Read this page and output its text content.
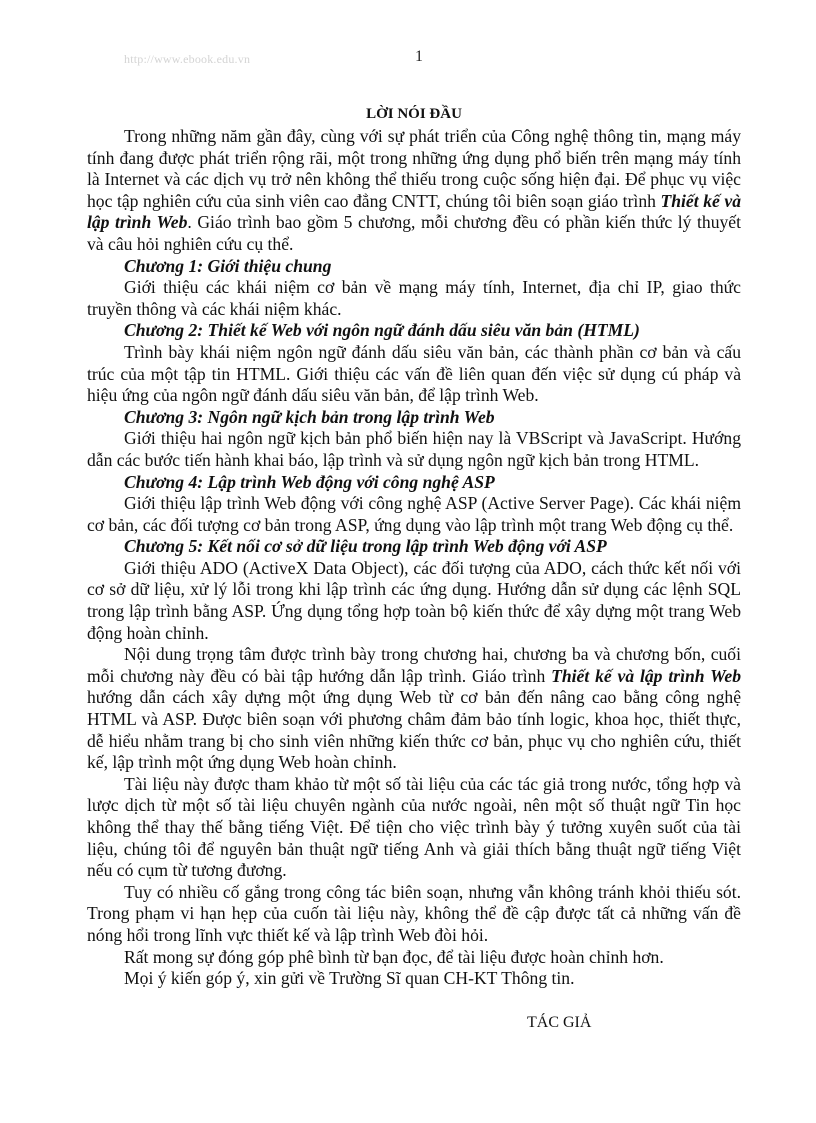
http://www.ebook.edu.vn	1
LỜI NÓI ĐẦU

Trong những năm gần đây, cùng với sự phát triển của Công nghệ thông tin, mạng máy tính đang được phát triển rộng rãi, một trong những ứng dụng phổ biến trên mạng máy tính là Internet và các dịch vụ trở nên không thể thiếu trong cuộc sống hiện đại. Để phục vụ việc học tập nghiên cứu của sinh viên cao đẳng CNTT, chúng tôi biên soạn giáo trình Thiết kế và lập trình Web. Giáo trình bao gồm 5 chương, mỗi chương đều có phần kiến thức lý thuyết và câu hỏi nghiên cứu cụ thể.

Chương 1: Giới thiệu chung

Giới thiệu các khái niệm cơ bản về mạng máy tính, Internet, địa chỉ IP, giao thức truyền thông và các khái niệm khác.

Chương 2: Thiết kế Web với ngôn ngữ đánh dấu siêu văn bản (HTML)

Trình bày khái niệm ngôn ngữ đánh dấu siêu văn bản, các thành phần cơ bản và cấu trúc của một tập tin HTML. Giới thiệu các vấn đề liên quan đến việc sử dụng cú pháp và hiệu ứng của ngôn ngữ đánh dấu siêu văn bản, để lập trình Web.

Chương 3: Ngôn ngữ kịch bản trong lập trình Web

Giới thiệu hai ngôn ngữ kịch bản phổ biến hiện nay là VBScript và JavaScript. Hướng dẫn các bước tiến hành khai báo, lập trình và sử dụng ngôn ngữ kịch bản trong HTML.

Chương 4: Lập trình Web động với công nghệ ASP

Giới thiệu lập trình Web động với công nghệ ASP (Active Server Page). Các khái niệm cơ bản, các đối tượng cơ bản trong ASP, ứng dụng vào lập trình một trang Web động cụ thể.

Chương 5: Kết nối cơ sở dữ liệu trong lập trình Web động với ASP

Giới thiệu ADO (ActiveX Data Object), các đối tượng của ADO, cách thức kết nối với cơ sở dữ liệu, xử lý lỗi trong khi lập trình các ứng dụng. Hướng dẫn sử dụng các lệnh SQL trong lập trình bằng ASP. Ứng dụng tổng hợp toàn bộ kiến thức để xây dựng một trang Web động hoàn chỉnh.

Nội dung trọng tâm được trình bày trong chương hai, chương ba và chương bốn, cuối mỗi chương này đều có bài tập hướng dẫn lập trình. Giáo trình Thiết kế và lập trình Web hướng dẫn cách xây dựng một ứng dụng Web từ cơ bản đến nâng cao bằng công nghệ HTML và ASP. Được biên soạn với phương châm đảm bảo tính logic, khoa học, thiết thực, dễ hiểu nhằm trang bị cho sinh viên những kiến thức cơ bản, phục vụ cho nghiên cứu, thiết kế, lập trình một ứng dụng Web hoàn chỉnh.

Tài liệu này được tham khảo từ một số tài liệu của các tác giả trong nước, tổng hợp và lược dịch từ một số tài liệu chuyên ngành của nước ngoài, nên một số thuật ngữ Tin học không thể thay thế bằng tiếng Việt. Để tiện cho việc trình bày ý tưởng xuyên suốt của tài liệu, chúng tôi để nguyên bản thuật ngữ tiếng Anh và giải thích bằng thuật ngữ tiếng Việt nếu có cụm từ tương đương.

Tuy có nhiều cố gắng trong công tác biên soạn, nhưng vẫn không tránh khỏi thiếu sót. Trong phạm vi hạn hẹp của cuốn tài liệu này, không thể đề cập được tất cả những vấn đề nóng hổi trong lĩnh vực thiết kế và lập trình Web đòi hỏi.

Rất mong sự đóng góp phê bình từ bạn đọc, để tài liệu được hoàn chỉnh hơn.

Mọi ý kiến góp ý, xin gửi về Trường Sĩ quan CH-KT Thông tin.

TÁC GIẢ
